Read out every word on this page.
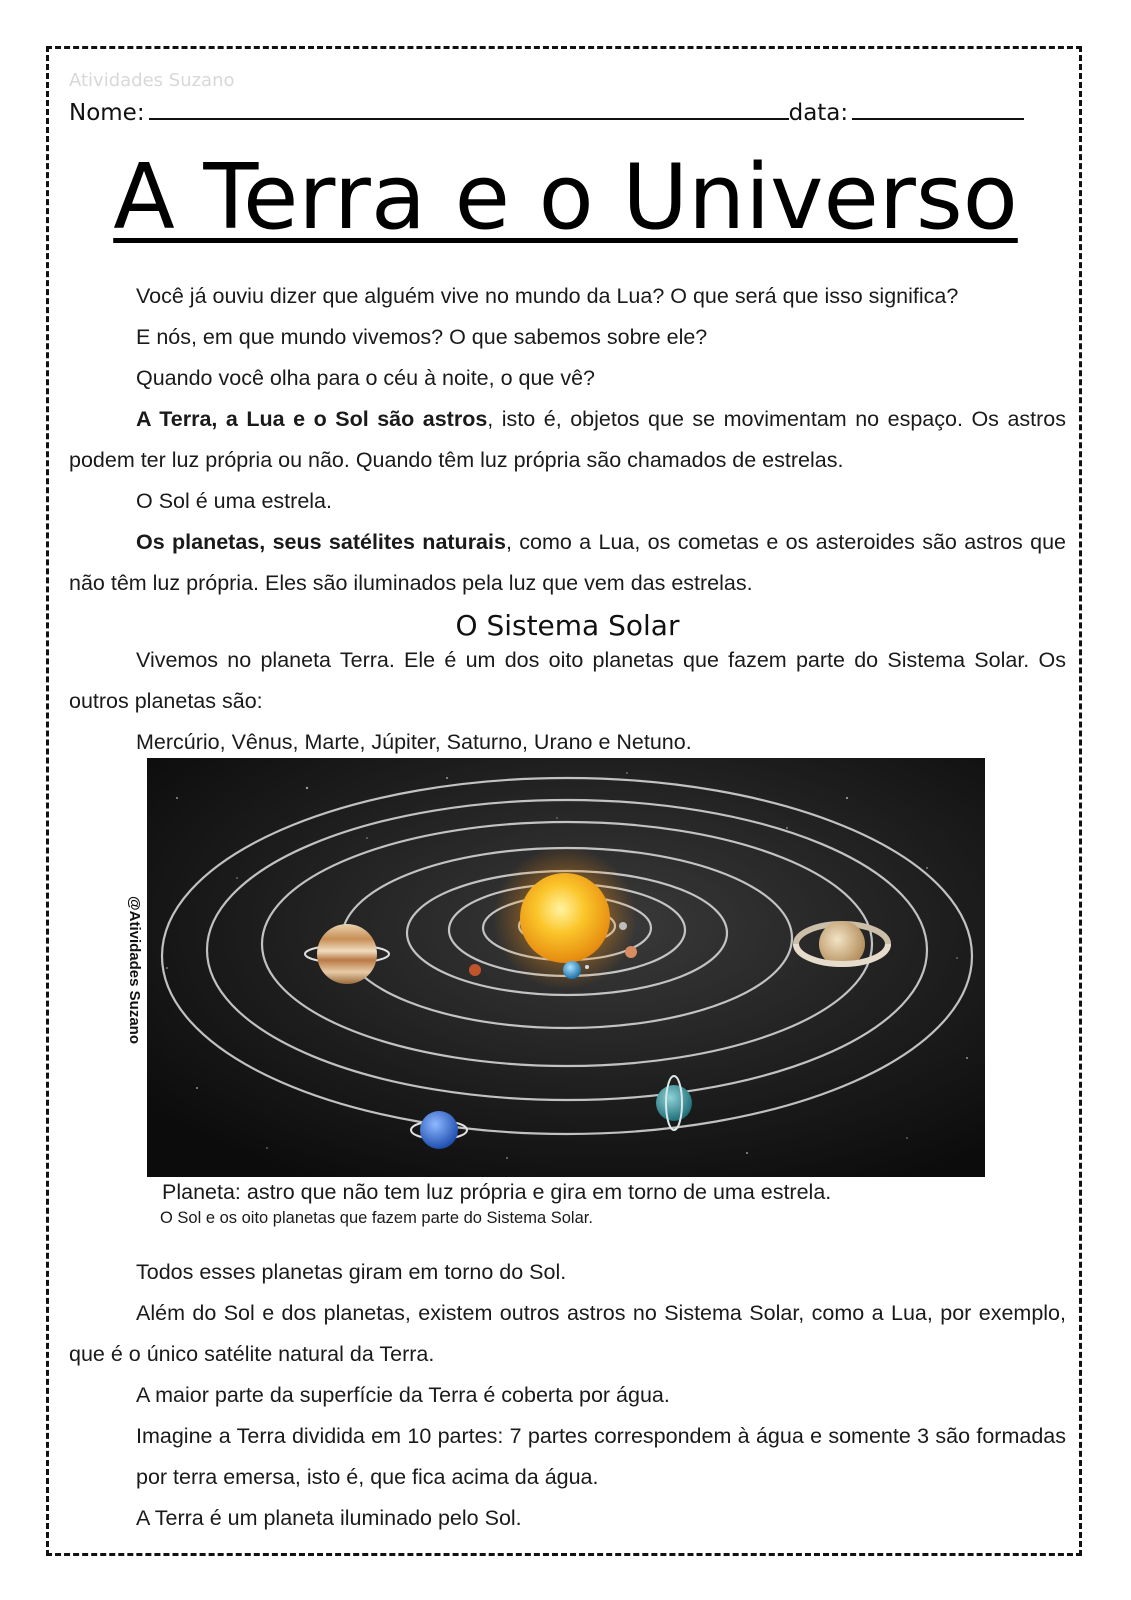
Atividades Suzano
Nome:	data:
A Terra e o Universo

Você já ouviu dizer que alguém vive no mundo da Lua? O que será que isso significa?

E nós, em que mundo vivemos? O que sabemos sobre ele?

Quando você olha para o céu à noite, o que vê?

A Terra, a Lua e o Sol são astros, isto é, objetos que se movimentam no espaço. Os astros podem ter luz própria ou não. Quando têm luz própria são chamados de estrelas.

O Sol é uma estrela.

Os planetas, seus satélites naturais, como a Lua, os cometas e os asteroides são astros que não têm luz própria. Eles são iluminados pela luz que vem das estrelas.

O Sistema Solar

Vivemos no planeta Terra. Ele é um dos oito planetas que fazem parte do Sistema Solar. Os outros planetas são:

Mercúrio, Vênus, Marte, Júpiter, Saturno, Urano e Netuno.

@Atividades Suzano
Planeta: astro que não tem luz própria e gira em torno de uma estrela.
O Sol e os oito planetas que fazem parte do Sistema Solar.

Todos esses planetas giram em torno do Sol.

Além do Sol e dos planetas, existem outros astros no Sistema Solar, como a Lua, por exemplo, que é o único satélite natural da Terra.

A maior parte da superfície da Terra é coberta por água.

Imagine a Terra dividida em 10 partes: 7 partes correspondem à água e somente 3 são formadas por terra emersa, isto é, que fica acima da água.

A Terra é um planeta iluminado pelo Sol.
